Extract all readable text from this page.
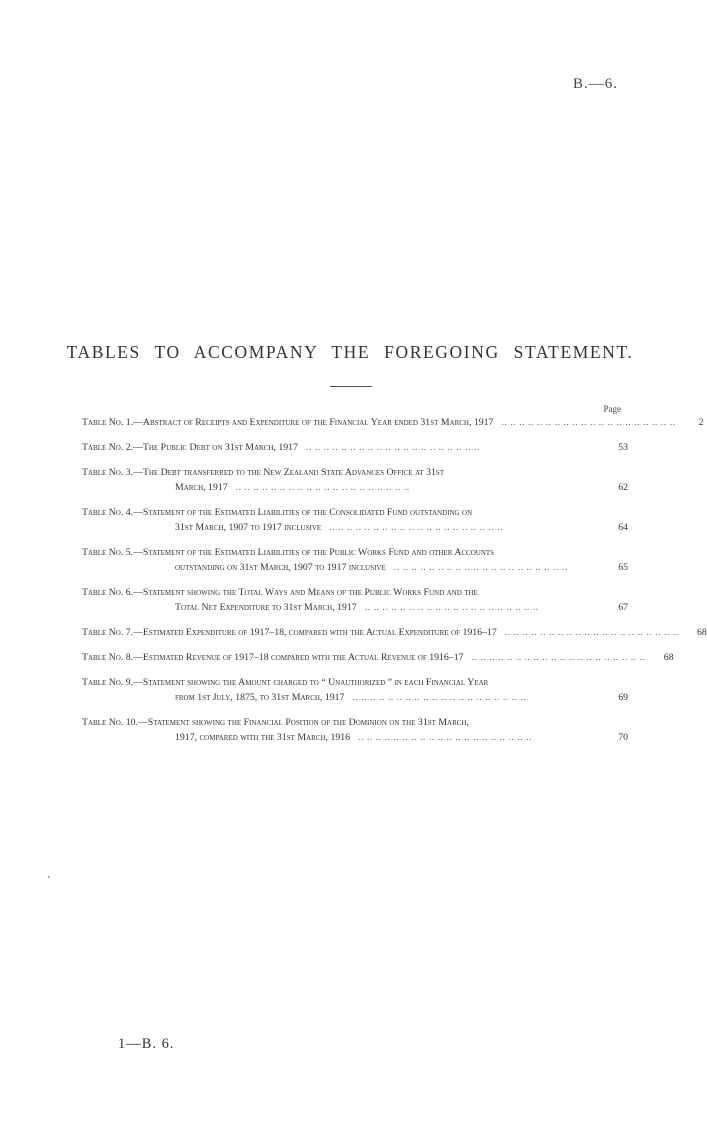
B.—6.
TABLES TO ACCOMPANY THE FOREGOING STATEMENT.
Page
Table No. 1.—Abstract of Receipts and Expenditure of the Financial Year ended 31st March, 1917 .. .. .. .. .. .. .. .. .. .. .. .. .. .. .. .. .. .. .. ..	2
Table No. 2.—The Public Debt on 31st March, 1917 .. .. .. .. .. .. .. .. .. .. .. .. .. .. .. .. .. .. .. ..	53
Table No. 3.—The Debt transferred to the New Zealand State Advances Office at 31st
March, 1917 .. .. .. .. .. .. .. .. .. .. .. .. .. .. .. .. .. .. .. ..	62
Table No. 4.—Statement of the Estimated Liabilities of the Consolidated Fund outstanding on
31st March, 1907 to 1917 inclusive .. .. .. .. .. .. .. .. .. .. .. .. .. .. .. .. .. .. .. ..	64
Table No. 5.—Statement of the Estimated Liabilities of the Public Works Fund and other Accounts
outstanding on 31st March, 1907 to 1917 inclusive .. .. .. .. .. .. .. .. .. .. .. .. .. .. .. .. .. .. .. ..	65
Table No. 6.—Statement showing the Total Ways and Means of the Public Works Fund and the
Total Net Expenditure to 31st March, 1917 .. .. .. .. .. .. .. .. .. .. .. .. .. .. .. .. .. .. .. ..	67
Table No. 7.—Estimated Expenditure of 1917–18, compared with the Actual Expenditure of 1916–17 .. .. .. .. .. .. .. .. .. .. .. .. .. .. .. .. .. .. .. ..	68
Table No. 8.—Estimated Revenue of 1917–18 compared with the Actual Revenue of 1916–17 .. .. .. .. .. .. .. .. .. .. .. .. .. .. .. .. .. .. .. ..	68
Table No. 9.—Statement showing the Amount charged to “ Unauthorized ” in each Financial Year
from 1st July, 1875, to 31st March, 1917 .. .. .. .. .. .. .. .. .. .. .. .. .. .. .. .. .. .. .. ..	69
Table No. 10.—Statement showing the Financial Position of the Dominion on the 31st March,
1917, compared with the 31st March, 1916 .. .. .. .. .. .. .. .. .. .. .. .. .. .. .. .. .. .. .. ..	70
1—B. 6.
